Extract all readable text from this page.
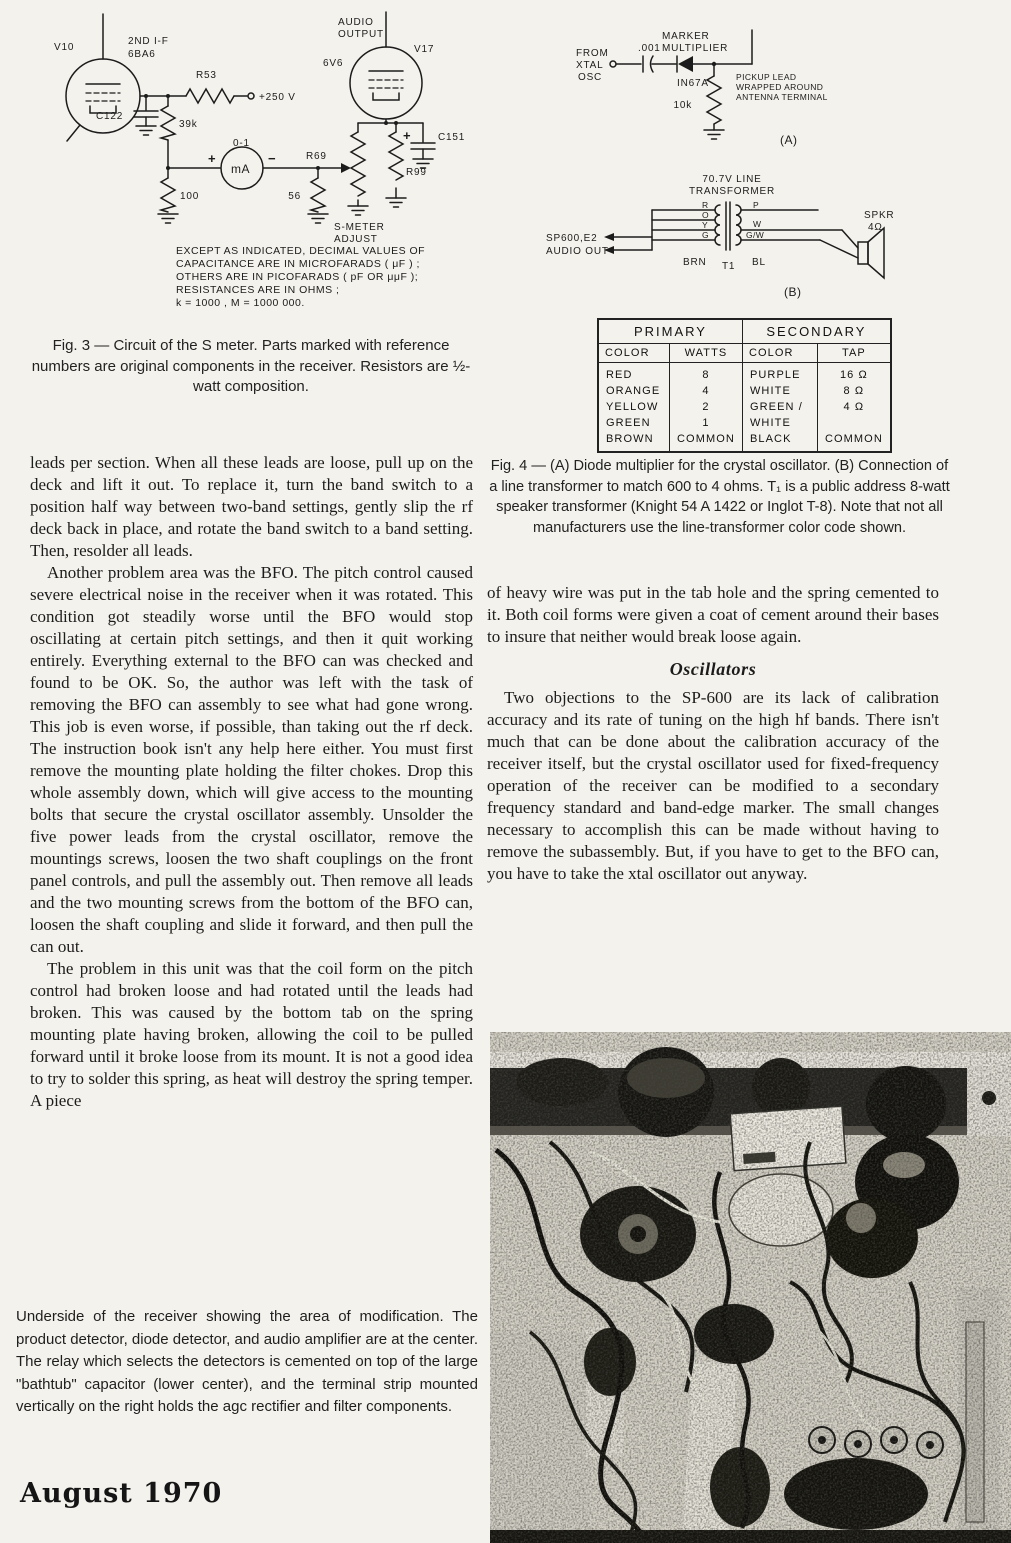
V10
2ND I-F
6BA6
R53
+250 V
C122
39k
+
0-1
mA
−	R69
100	56
S-METER
ADJUST
R99
AUDIO
OUTPUT
V17
6V6
+	C151
EXCEPT AS INDICATED, DECIMAL VALUES OF
CAPACITANCE ARE IN MICROFARADS ( μF ) ;
OTHERS ARE IN PICOFARADS ( pF OR μμF );
RESISTANCES ARE IN OHMS ;
k = 1000 , M = 1000 000.
Fig. 3 — Circuit of the S meter. Parts marked with reference numbers are original components in the receiver. Resistors are ½-watt composition.
MARKER
MULTIPLIER
FROM
XTAL
OSC
.001
IN67A
PICKUP LEAD
WRAPPED AROUND
ANTENNA TERMINAL
10k
(A)
70.7V LINE
TRANSFORMER
R
O
Y
G
P
W
G/W
SP600,E2
AUDIO OUT
BRN T1 BL
SPKR
4Ω
(B)
PRIMARY		SECONDARY	
COLOR	WATTS	COLOR	TAP
RED	8	PURPLE	16 Ω
ORANGE	4	WHITE	8 Ω
YELLOW	2	GREEN /	4 Ω
GREEN	1	WHITE	
BROWN	COMMON	BLACK	COMMON
Fig. 4 — (A) Diode multiplier for the crystal oscillator. (B) Connection of a line transformer to match 600 to 4 ohms. T₁ is a public address 8-watt speaker transformer (Knight 54 A 1422 or Inglot T-8). Note that not all manufacturers use the line-transformer color code shown.

leads per section. When all these leads are loose, pull up on the deck and lift it out. To replace it, turn the band switch to a position half way between two-band settings, gently slip the rf deck back in place, and rotate the band switch to a band setting. Then, resolder all leads.

Another problem area was the BFO. The pitch control caused severe electrical noise in the receiver when it was rotated. This condition got steadily worse until the BFO would stop oscillating at certain pitch settings, and then it quit working entirely. Everything external to the BFO can was checked and found to be OK. So, the author was left with the task of removing the BFO can assembly to see what had gone wrong. This job is even worse, if possible, than taking out the rf deck. The instruction book isn't any help here either. You must first remove the mounting plate holding the filter chokes. Drop this whole assembly down, which will give access to the mounting bolts that secure the crystal oscillator assembly. Unsolder the five power leads from the crystal oscillator, remove the mountings screws, loosen the two shaft couplings on the front panel controls, and pull the assembly out. Then remove all leads and the two mounting screws from the bottom of the BFO can, loosen the shaft coupling and slide it forward, and then pull the can out.

The problem in this unit was that the coil form on the pitch control had broken loose and had rotated until the leads had broken. This was caused by the bottom tab on the spring mounting plate having broken, allowing the coil to be pulled forward until it broke loose from its mount. It is not a good idea to try to solder this spring, as heat will destroy the spring temper. A piece

of heavy wire was put in the tab hole and the spring cemented to it. Both coil forms were given a coat of cement around their bases to insure that neither would break loose again.

Oscillators

Two objections to the SP-600 are its lack of calibration accuracy and its rate of tuning on the high hf bands. There isn't much that can be done about the calibration accuracy of the receiver itself, but the crystal oscillator used for fixed-frequency operation of the receiver can be modified to a secondary frequency standard and band-edge marker. The small changes necessary to accomplish this can be made without having to remove the subassembly. But, if you have to get to the BFO can, you have to take the xtal oscillator out anyway.

Underside of the receiver showing the area of modification. The product detector, diode detector, and audio amplifier are at the center. The relay which selects the detectors is cemented on top of the large "bathtub" capacitor (lower center), and the terminal strip mounted vertically on the right holds the agc rectifier and filter components.
August 1970
